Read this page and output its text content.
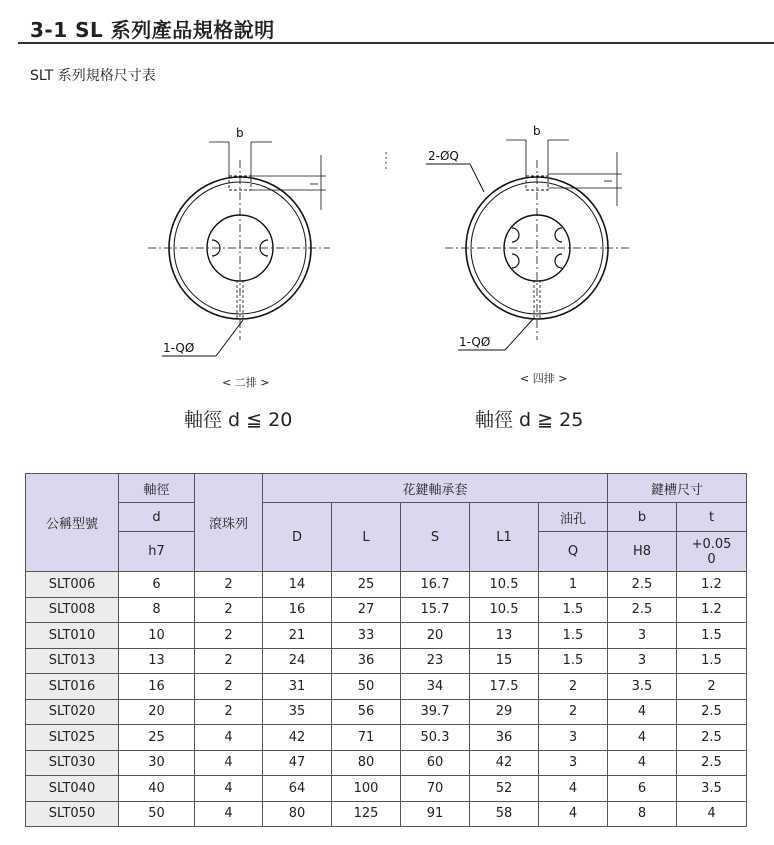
3-1 SL 系列產品規格說明
SLT 系列規格尺寸表
b
1-QØ
b
2-ØQ
1-QØ
< 二排 >	< 四排 >
軸徑 d ≦ 20	軸徑 d ≧ 25
公稱型號	軸徑	滾珠列	花鍵軸承套					鍵槽尺寸	
	d		D	L	S	L1	油孔	b	t
	h7						Q	H8	+0.05
0
SLT006	6	2	14	25	16.7	10.5	1	2.5	1.2
SLT008	8	2	16	27	15.7	10.5	1.5	2.5	1.2
SLT010	10	2	21	33	20	13	1.5	3	1.5
SLT013	13	2	24	36	23	15	1.5	3	1.5
SLT016	16	2	31	50	34	17.5	2	3.5	2
SLT020	20	2	35	56	39.7	29	2	4	2.5
SLT025	25	4	42	71	50.3	36	3	4	2.5
SLT030	30	4	47	80	60	42	3	4	2.5
SLT040	40	4	64	100	70	52	4	6	3.5
SLT050	50	4	80	125	91	58	4	8	4
